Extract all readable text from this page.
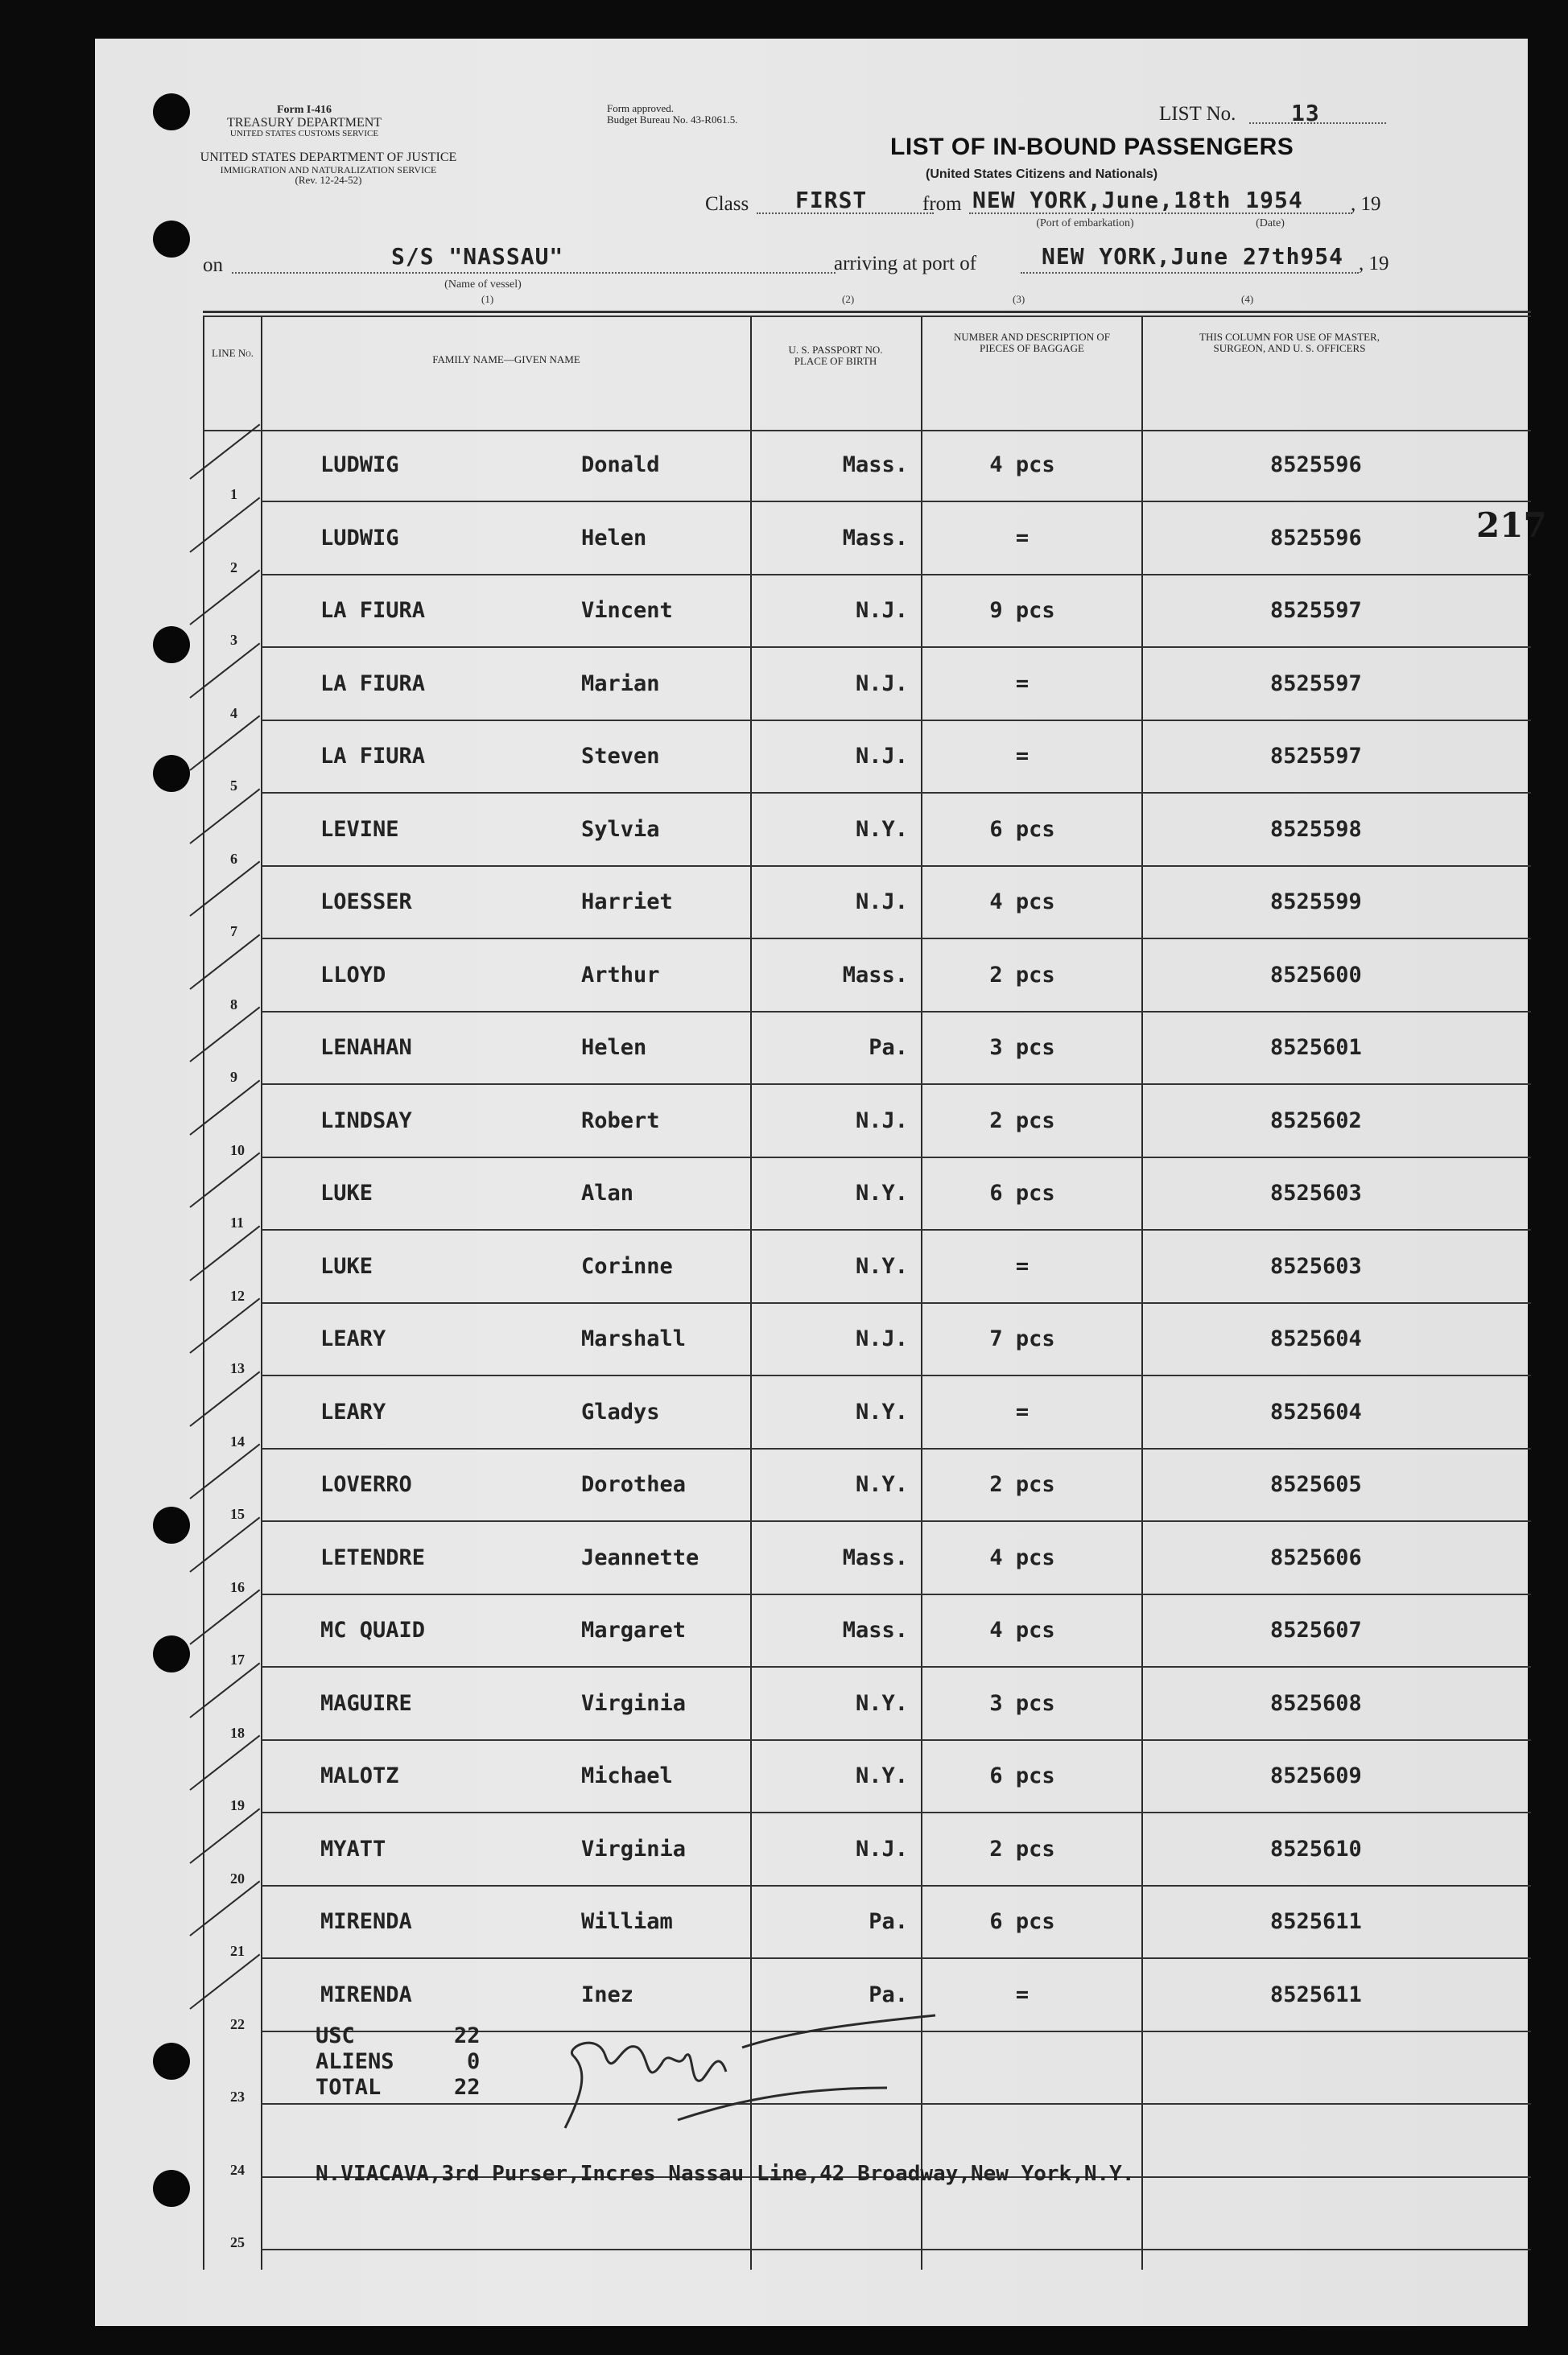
Form I-416
TREASURY DEPARTMENT
UNITED STATES CUSTOMS SERVICE
UNITED STATES DEPARTMENT OF JUSTICE
IMMIGRATION AND NATURALIZATION SERVICE
(Rev. 12-24-52)
Form approved.
Budget Bureau No. 43-R061.5.	LIST No. 13
LIST OF IN-BOUND PASSENGERS
(United States Citizens and Nationals)
Class FIRST	from NEW YORK,June,18th 1954 , 19
(Port of embarkation)	(Date)
on	S/S "NASSAU"
(Name of vessel)
arriving at port of	NEW YORK,June 27th954 , 19
(1)	(2)	(3)	(4)
LINE No.
FAMILY NAME—GIVEN NAME
U. S. PASSPORT NO. PLACE OF BIRTH
NUMBER AND DESCRIPTION OF PIECES OF BAGGAGE
THIS COLUMN FOR USE OF MASTER, SURGEON, AND U. S. OFFICERS
1
LUDWIG	Donald	Mass.	4 pcs	8525596
2
LUDWIG	Helen	Mass.	=	8525596
3
LA FIURA	Vincent	N.J.	9 pcs	8525597
4
LA FIURA	Marian	N.J.	=	8525597
5
LA FIURA	Steven	N.J.	=	8525597
6
LEVINE	Sylvia	N.Y.	6 pcs	8525598
7
LOESSER	Harriet	N.J.	4 pcs	8525599
8
LLOYD	Arthur	Mass.	2 pcs	8525600
9
LENAHAN	Helen	Pa.	3 pcs	8525601
10
LINDSAY	Robert	N.J.	2 pcs	8525602
11
LUKE	Alan	N.Y.	6 pcs	8525603
12
LUKE	Corinne	N.Y.	=	8525603
13
LEARY	Marshall	N.J.	7 pcs	8525604
14
LEARY	Gladys	N.Y.	=	8525604
15
LOVERRO	Dorothea	N.Y.	2 pcs	8525605
16
LETENDRE	Jeannette	Mass.	4 pcs	8525606
17
MC QUAID	Margaret	Mass.	4 pcs	8525607
18
MAGUIRE	Virginia	N.Y.	3 pcs	8525608
19
MALOTZ	Michael	N.Y.	6 pcs	8525609
20
MYATT	Virginia	N.J.	2 pcs	8525610
21
MIRENDA	William	Pa.	6 pcs	8525611
22
MIRENDA	Inez	Pa.	=	8525611
23
24
25
USC	22
ALIENS	0
TOTAL	22
N.VIACAVA,3rd Purser,Incres Nassau Line,42 Broadway,New York,N.Y.
217
